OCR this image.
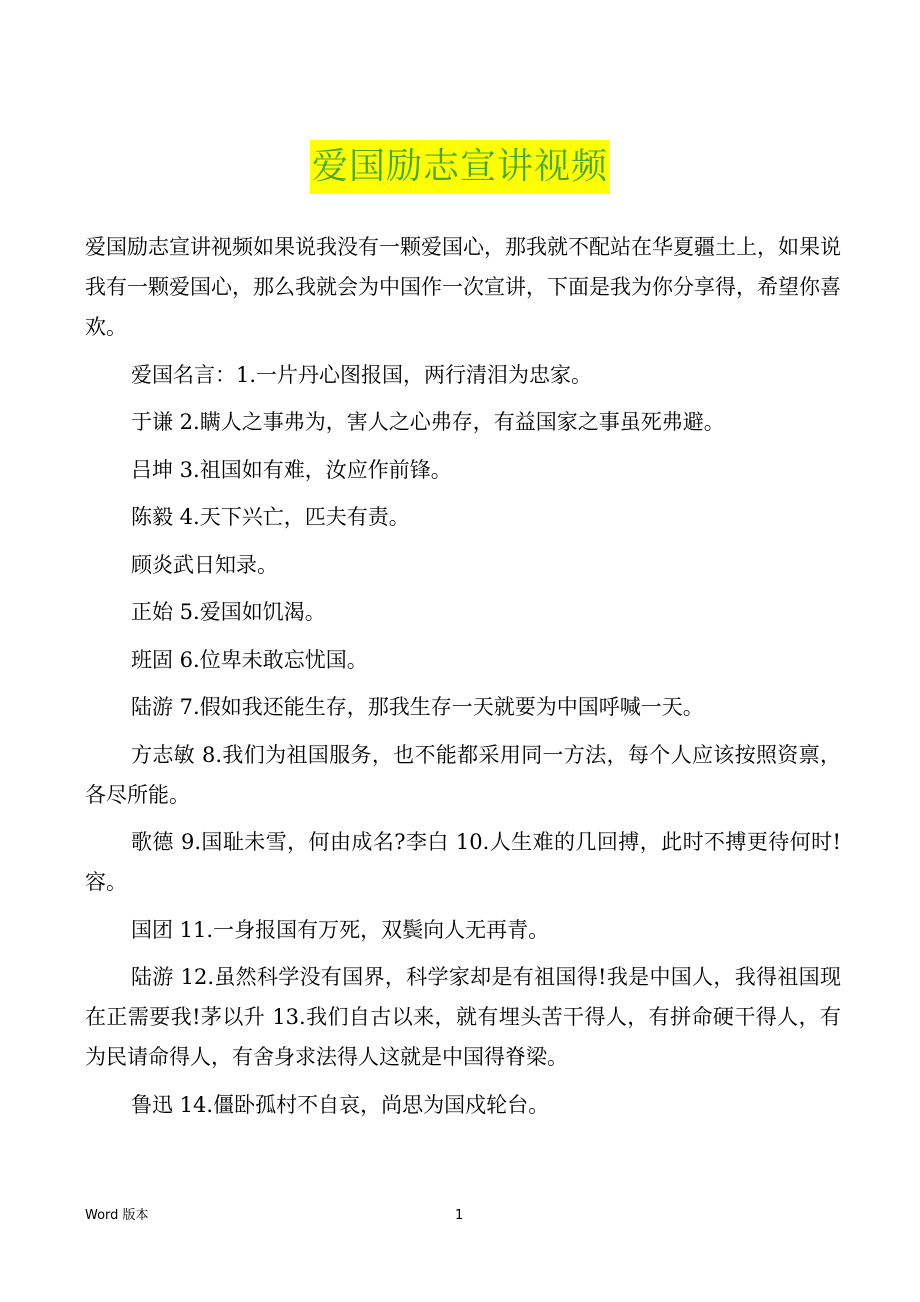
爱国励志宣讲视频

爱国励志宣讲视频如果说我没有一颗爱国心，那我就不配站在华夏疆土上，如果说我有一颗爱国心，那么我就会为中国作一次宣讲，下面是我为你分享得，希望你喜欢。

爱国名言：1.一片丹心图报国，两行清泪为忠家。

于谦 2.瞒人之事弗为，害人之心弗存，有益国家之事虽死弗避。

吕坤 3.祖国如有难，汝应作前锋。

陈毅 4.天下兴亡，匹夫有责。

顾炎武日知录。

正始 5.爱国如饥渴。

班固 6.位卑未敢忘忧国。

陆游 7.假如我还能生存，那我生存一天就要为中国呼喊一天。

方志敏 8.我们为祖国服务，也不能都采用同一方法，每个人应该按照资禀，各尽所能。

歌德 9.国耻未雪，何由成名?李白 10.人生难的几回搏，此时不搏更待何时!容。

国团 11.一身报国有万死，双鬓向人无再青。

陆游 12.虽然科学没有国界，科学家却是有祖国得!我是中国人，我得祖国现在正需要我!茅以升 13.我们自古以来，就有埋头苦干得人，有拼命硬干得人，有为民请命得人，有舍身求法得人这就是中国得脊梁。

鲁迅 14.僵卧孤村不自哀，尚思为国戍轮台。

Word 版本	1
